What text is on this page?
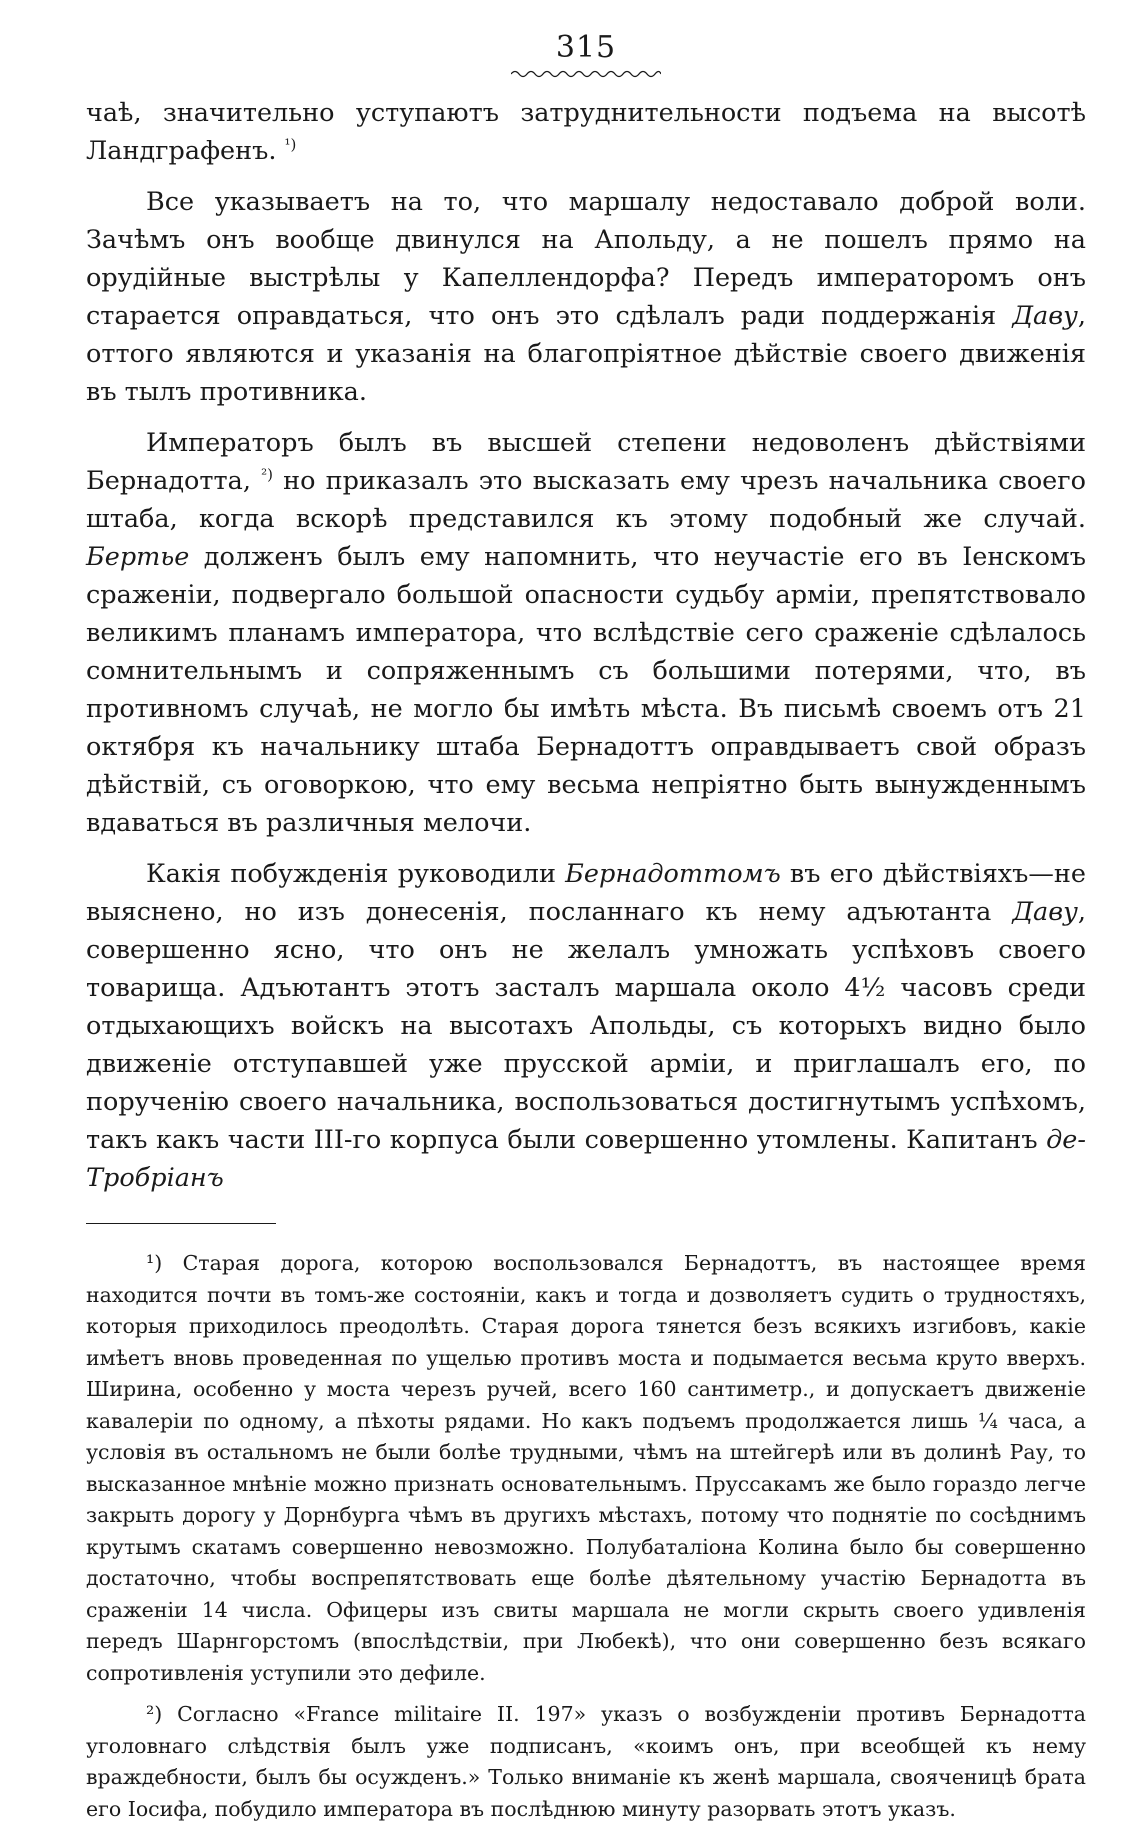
315

чаѣ, значительно уступаютъ затруднительности подъема на высотѣ Ландграфенъ. $^{^1)}$

Все указываетъ на то, что маршалу недоставало доброй воли. Зачѣмъ онъ вообще двинулся на Апольду, а не пошелъ прямо на орудійные выстрѣлы у Капеллендорфа? Передъ императоромъ онъ старается оправдаться, что онъ это сдѣлалъ ради поддержанія Даву, оттого являются и указанія на благопріятное дѣйствіе своего движенія въ тылъ противника.

Императоръ былъ въ высшей степени недоволенъ дѣйствіями Бернадотта, $^{^2)}$ но приказалъ это высказать ему чрезъ начальника своего штаба, когда вскорѣ представился къ этому подобный же случай. Бертье долженъ былъ ему напомнить, что неучастіе его въ Іенскомъ сраженіи, подвергало большой опасности судьбу арміи, препятствовало великимъ планамъ императора, что вслѣдствіе сего сраженіе сдѣлалось сомнительнымъ и сопряженнымъ съ большими потерями, что, въ противномъ случаѣ, не могло бы имѣть мѣста. Въ письмѣ своемъ отъ 21 октября къ начальнику штаба Бернадоттъ оправдываетъ свой образъ дѣйствій, съ оговоркою, что ему весьма непріятно быть вынужденнымъ вдаваться въ различныя мелочи.

Какія побужденія руководили Бернадоттомъ въ его дѣйствіяхъ—не выяснено, но изъ донесенія, посланнаго къ нему адъютанта Даву, совершенно ясно, что онъ не желалъ умножать успѣховъ своего товарища. Адъютантъ этотъ засталъ маршала около 4½ часовъ среди отдыхающихъ войскъ на высотахъ Апольды, съ которыхъ видно было движеніе отступавшей уже прусской арміи, и приглашалъ его, по порученію своего начальника, воспользоваться достигнутымъ успѣхомъ, такъ какъ части III-го корпуса были совершенно утомлены. Капитанъ де-Тробріанъ

¹) Старая дорога, которою воспользовался Бернадоттъ, въ настоящее время находится почти въ томъ-же состояніи, какъ и тогда и дозволяетъ судить о трудностяхъ, которыя приходилось преодолѣть. Старая дорога тянется безъ всякихъ изгибовъ, какіе имѣетъ вновь проведенная по ущелью противъ моста и подымается весьма круто вверхъ. Ширина, особенно у моста черезъ ручей, всего 160 сантиметр., и допускаетъ движеніе кавалеріи по одному, а пѣхоты рядами. Но какъ подъемъ продолжается лишь ¼ часа, а условія въ остальномъ не были болѣе трудными, чѣмъ на штейгерѣ или въ долинѣ Рау, то высказанное мнѣніе можно признать основательнымъ. Пруссакамъ же было гораздо легче закрыть дорогу у Дорнбурга чѣмъ въ другихъ мѣстахъ, потому что поднятіе по сосѣднимъ крутымъ скатамъ совершенно невозможно. Полубаталіона Колина было бы совершенно достаточно, чтобы воспрепятствовать еще болѣе дѣятельному участію Бернадотта въ сраженіи 14 числа. Офицеры изъ свиты маршала не могли скрыть своего удивленія передъ Шарнгорстомъ (впослѣдствіи, при Любекѣ), что они совершенно безъ всякаго сопротивленія уступили это дефиле.

²) Согласно «France militaire II. 197» указъ о возбужденіи противъ Бернадотта уголовнаго слѣдствія былъ уже подписанъ, «коимъ онъ, при всеобщей къ нему враждебности, былъ бы осужденъ.» Только вниманіе къ женѣ маршала, свояченицѣ брата его Іосифа, побудило императора въ послѣднюю минуту разорвать этотъ указъ.
